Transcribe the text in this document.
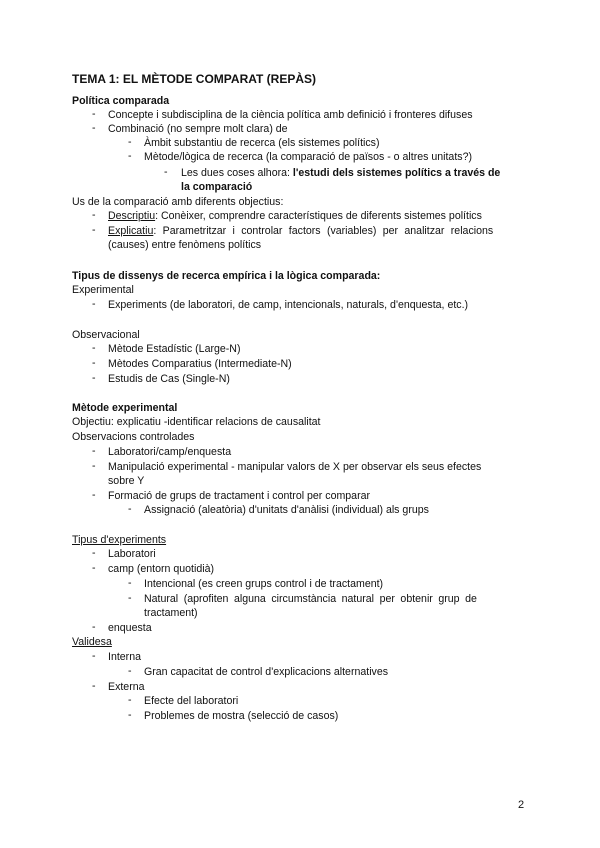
TEMA 1: EL MÈTODE COMPARAT (REPÀS)
Política comparada
- Concepte i subdisciplina de la ciència política amb definició i fronteres difuses
- Combinació (no sempre molt clara) de
- Àmbit substantiu de recerca (els sistemes polítics)
- Mètode/lògica de recerca (la comparació de països - o altres unitats?)
- Les dues coses alhora: l'estudi dels sistemes polítics a través de
la comparació
Us de la comparació amb diferents objectius:
- Descriptiu: Conèixer, comprendre característiques de diferents sistemes polítics
- Explicatiu: Parametritzar i controlar factors (variables) per analitzar relacions
(causes) entre fenòmens polítics
Tipus de dissenys de recerca empírica i la lògica comparada:
Experimental
- Experiments (de laboratori, de camp, intencionals, naturals, d'enquesta, etc.)
Observacional
- Mètode Estadístic (Large-N)
- Mètodes Comparatius (Intermediate-N)
- Estudis de Cas (Single-N)
Mètode experimental
Objectiu: explicatiu -identificar relacions de causalitat
Observacions controlades
- Laboratori/camp/enquesta
- Manipulació experimental - manipular valors de X per observar els seus efectes
sobre Y
- Formació de grups de tractament i control per comparar
- Assignació (aleatòria) d'unitats d'anàlisi (individual) als grups
Tipus d'experiments
- Laboratori
- camp (entorn quotidià)
- Intencional (es creen grups control i de tractament)
- Natural (aprofiten alguna circumstància natural per obtenir grup de
tractament)
- enquesta
Validesa
- Interna
- Gran capacitat de control d'explicacions alternatives
- Externa
- Efecte del laboratori
- Problemes de mostra (selecció de casos)
2
